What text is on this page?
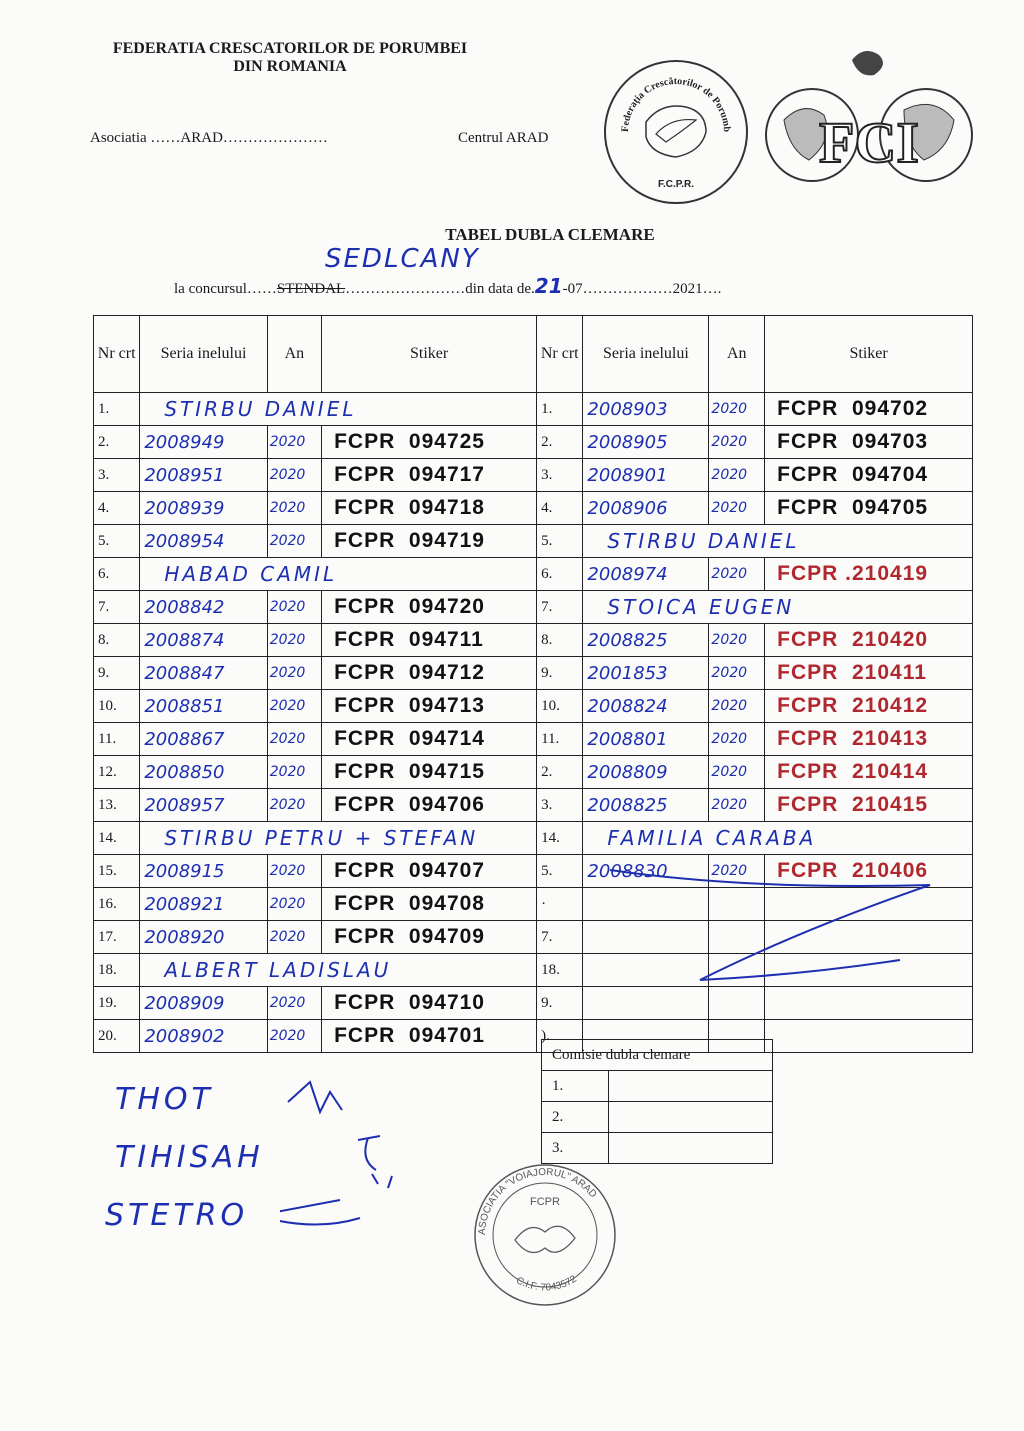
FEDERATIA CRESCATORILOR DE PORUMBEI
DIN ROMANIA
Asociatia ……ARAD…………………	Centrul ARAD
Federaţia Crescătorilor de Porumb
F.C.P.R.
FCI
TABEL DUBLA CLEMARE
la concursul……STENDAL……………………din data de.21-07………………2021….
SEDLCANY
Nr crt	Seria inelului	An	Stiker	Nr crt	Seria inelului	An	Stiker
1.	STIRBU DANIEL			1.	2008903	2020	FCPR  094702
2.	2008949	2020	FCPR  094725	2.	2008905	2020	FCPR  094703
3.	2008951	2020	FCPR  094717	3.	2008901	2020	FCPR  094704
4.	2008939	2020	FCPR  094718	4.	2008906	2020	FCPR  094705
5.	2008954	2020	FCPR  094719	5.	STIRBU DANIEL		
6.	HABAD CAMIL			6.	2008974	2020	FCPR .210419
7.	2008842	2020	FCPR  094720	7.	STOICA EUGEN		
8.	2008874	2020	FCPR  094711	8.	2008825	2020	FCPR  210420
9.	2008847	2020	FCPR  094712	9.	2001853	2020	FCPR  210411
10.	2008851	2020	FCPR  094713	10.	2008824	2020	FCPR  210412
11.	2008867	2020	FCPR  094714	11.	2008801	2020	FCPR  210413
12.	2008850	2020	FCPR  094715	2.	2008809	2020	FCPR  210414
13.	2008957	2020	FCPR  094706	3.	2008825	2020	FCPR  210415
14.	STIRBU PETRU + STEFAN			14.	FAMILIA CARABA		
15.	2008915	2020	FCPR  094707	5.	2008830	2020	FCPR  210406
16.	2008921	2020	FCPR  094708	·			
17.	2008920	2020	FCPR  094709	7.			
18.	ALBERT LADISLAU			18.			
19.	2008909	2020	FCPR  094710	9.			
20.	2008902	2020	FCPR  094701	).			
Comisie dubla clemare	
1.	
2.	
3.	
THOT
TIHISAH
STETRO	ASOCIATIA "VOIAJORUL" ARAD
C.I.F. 7043572
FCPR
